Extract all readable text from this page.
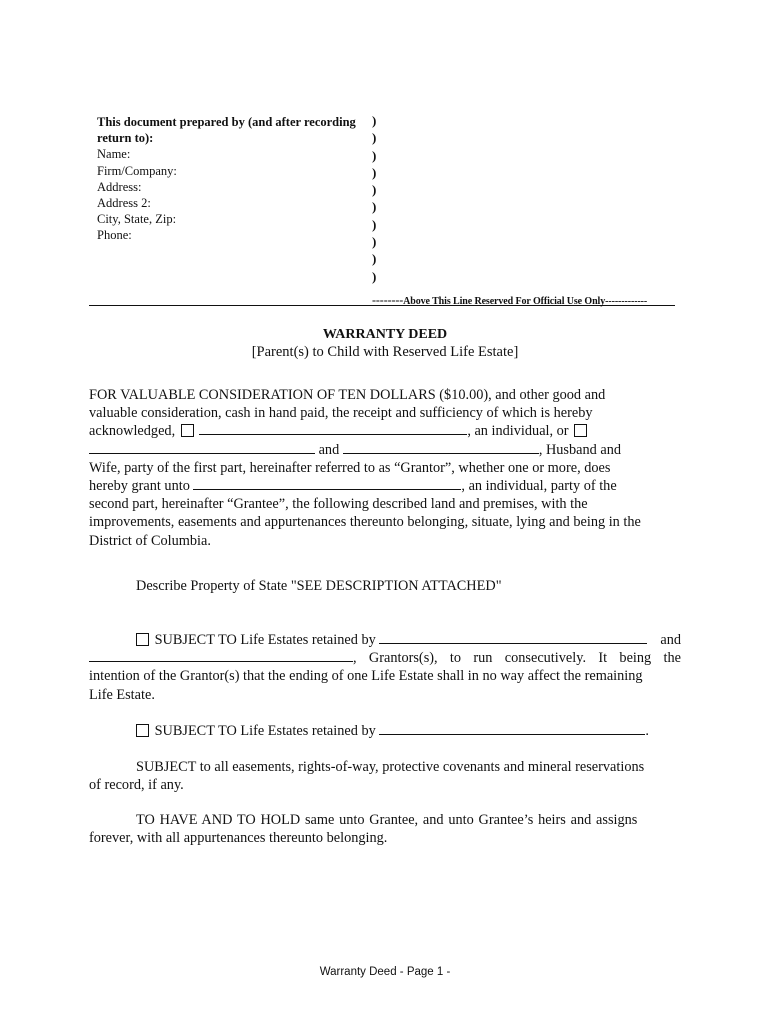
This document prepared by (and after recording
return to):
Name:
Firm/Company:
Address:
Address 2:
City, State, Zip:
Phone:
)
)
)
)
)
)
)
)
)
)
--------Above This Line Reserved For Official Use Only-------------
WARRANTY DEED
[Parent(s) to Child with Reserved Life Estate]
FOR VALUABLE CONSIDERATION OF TEN DOLLARS ($10.00), and other good and
valuable consideration, cash in hand paid, the receipt and sufficiency of which is hereby
acknowledged,	, an individual, or
and	, Husband and
Wife, party of the first part, hereinafter referred to as “Grantor”, whether one or more, does
hereby grant unto	, an individual, party of the
second part, hereinafter “Grantee”, the following described land and premises, with the
improvements, easements and appurtenances thereunto belonging, situate, lying and being in the
District of Columbia.
Describe Property of State "SEE DESCRIPTION ATTACHED"
SUBJECT TO Life Estates retained by	and
, Grantors(s), to run consecutively. It being the
intention of the Grantor(s) that the ending of one Life Estate shall in no way affect the remaining
Life Estate.
SUBJECT TO Life Estates retained by	.
SUBJECT to all easements, rights-of-way, protective covenants and mineral reservations
of record, if any.
TO HAVE AND TO HOLD same unto Grantee, and unto Grantee’s heirs and assigns
forever, with all appurtenances thereunto belonging.
Warranty Deed - Page 1 -
